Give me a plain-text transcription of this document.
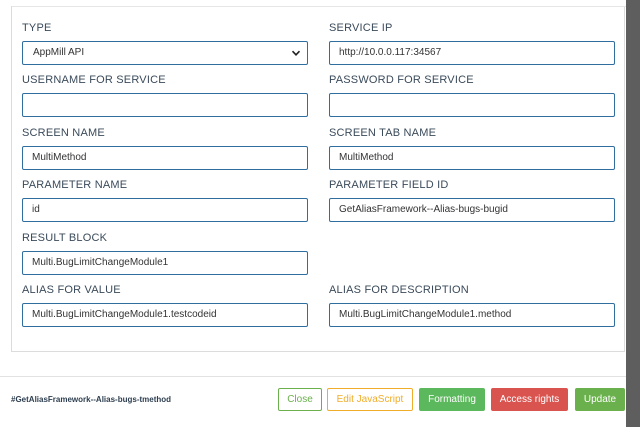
TYPE
AppMill API
SERVICE IP
http://10.0.0.117:34567
USERNAME FOR SERVICE	PASSWORD FOR SERVICE
SCREEN NAME
MultiMethod
SCREEN TAB NAME
MultiMethod
PARAMETER NAME
id
PARAMETER FIELD ID
GetAliasFramework--Alias-bugs-bugid
RESULT BLOCK
Multi.BugLimitChangeModule1
ALIAS FOR VALUE
Multi.BugLimitChangeModule1.testcodeid
ALIAS FOR DESCRIPTION
Multi.BugLimitChangeModule1.method
#GetAliasFramework--Alias-bugs-tmethod	Close	Edit JavaScript	Formatting	Access rights	Update
